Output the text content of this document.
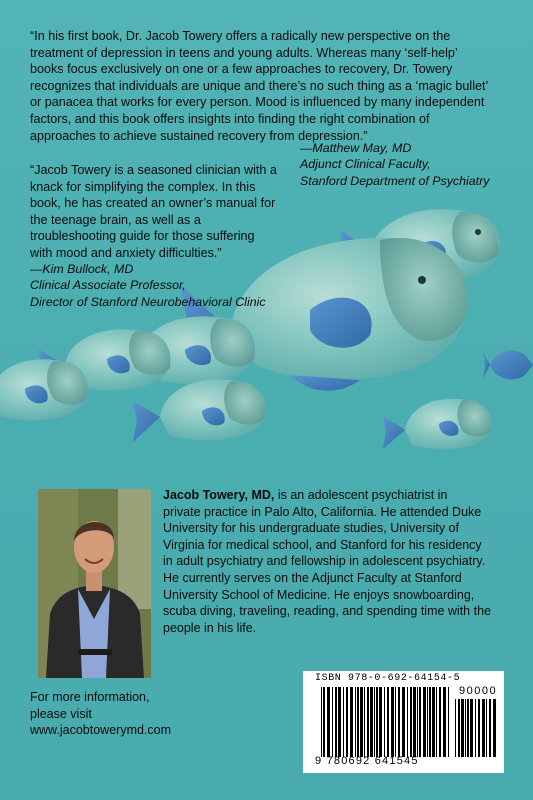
“In his first book, Dr. Jacob Towery offers a radically new perspective on the
treatment of depression in teens and young adults. Whereas many ‘self-help’
books focus exclusively on one or a few approaches to recovery, Dr. Towery
recognizes that individuals are unique and there’s no such thing as a ‘magic bullet’
or panacea that works for every person. Mood is influenced by many independent
factors, and this book offers insights into finding the right combination of
approaches to achieve sustained recovery from depression.”
—Matthew May, MD
Adjunct Clinical Faculty,
Stanford Department of Psychiatry
“Jacob Towery is a seasoned clinician with a
knack for simplifying the complex. In this
book, he has created an owner’s manual for
the teenage brain, as well as a
troubleshooting guide for those suffering
with mood and anxiety difficulties.”
—Kim Bullock, MD
Clinical Associate Professor,
Director of Stanford Neurobehavioral Clinic
Jacob Towery, MD, is an adolescent psychiatrist in
private practice in Palo Alto, California. He attended Duke
University for his undergraduate studies, University of
Virginia for medical school, and Stanford for his residency
in adult psychiatry and fellowship in adolescent psychiatry.
He currently serves on the Adjunct Faculty at Stanford
University School of Medicine. He enjoys snowboarding,
scuba diving, traveling, reading, and spending time with the
people in his life.
For more information,
please visit
www.jacobtowerymd.com
ISBN 978-0-692-64154-5
90000
9 780692 641545
